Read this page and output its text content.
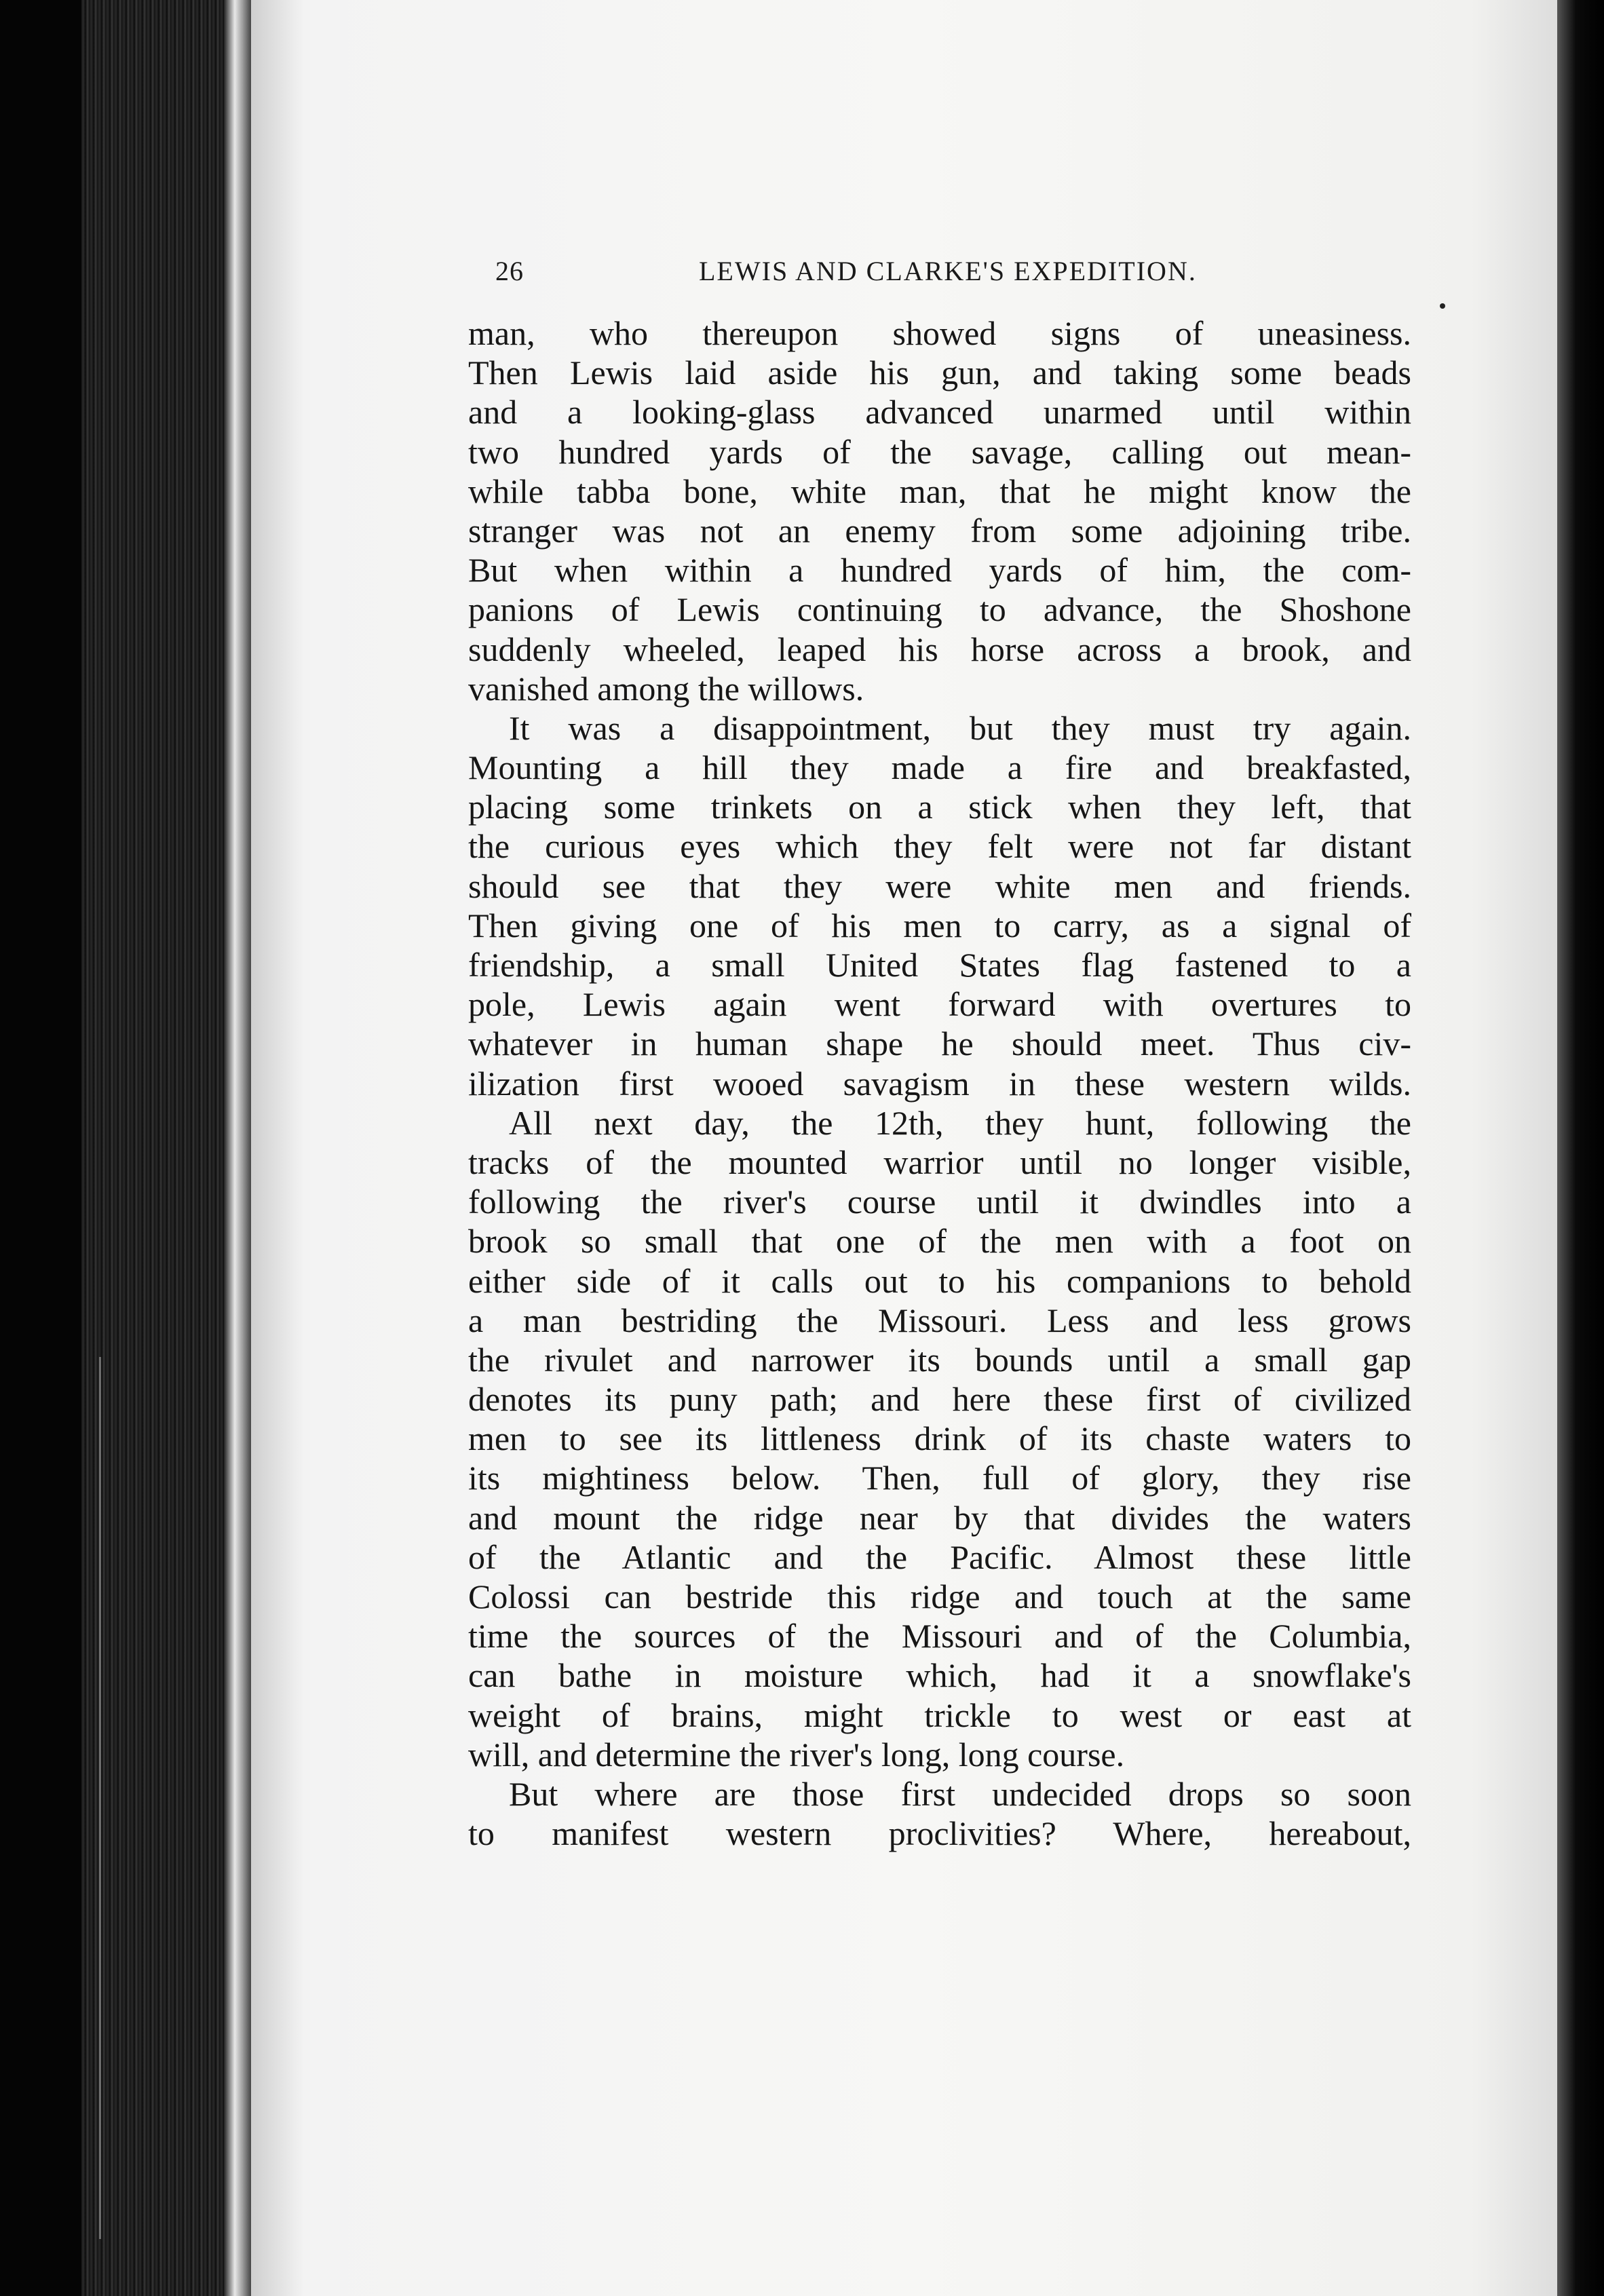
26	LEWIS AND CLARKE'S EXPEDITION.
man, who thereupon showed signs of uneasiness.
Then Lewis laid aside his gun, and taking some beads
and a looking-glass advanced unarmed until within
two hundred yards of the savage, calling out mean-
while tabba bone, white man, that he might know the
stranger was not an enemy from some adjoining tribe.
But when within a hundred yards of him, the com-
panions of Lewis continuing to advance, the Shoshone
suddenly wheeled, leaped his horse across a brook, and
vanished among the willows.
It was a disappointment, but they must try again.
Mounting a hill they made a fire and breakfasted,
placing some trinkets on a stick when they left, that
the curious eyes which they felt were not far distant
should see that they were white men and friends.
Then giving one of his men to carry, as a signal of
friendship, a small United States flag fastened to a
pole, Lewis again went forward with overtures to
whatever in human shape he should meet. Thus civ-
ilization first wooed savagism in these western wilds.
All next day, the 12th, they hunt, following the
tracks of the mounted warrior until no longer visible,
following the river's course until it dwindles into a
brook so small that one of the men with a foot on
either side of it calls out to his companions to behold
a man bestriding the Missouri. Less and less grows
the rivulet and narrower its bounds until a small gap
denotes its puny path; and here these first of civilized
men to see its littleness drink of its chaste waters to
its mightiness below. Then, full of glory, they rise
and mount the ridge near by that divides the waters
of the Atlantic and the Pacific. Almost these little
Colossi can bestride this ridge and touch at the same
time the sources of the Missouri and of the Columbia,
can bathe in moisture which, had it a snowflake's
weight of brains, might trickle to west or east at
will, and determine the river's long, long course.
But where are those first undecided drops so soon
to manifest western proclivities? Where, hereabout,
